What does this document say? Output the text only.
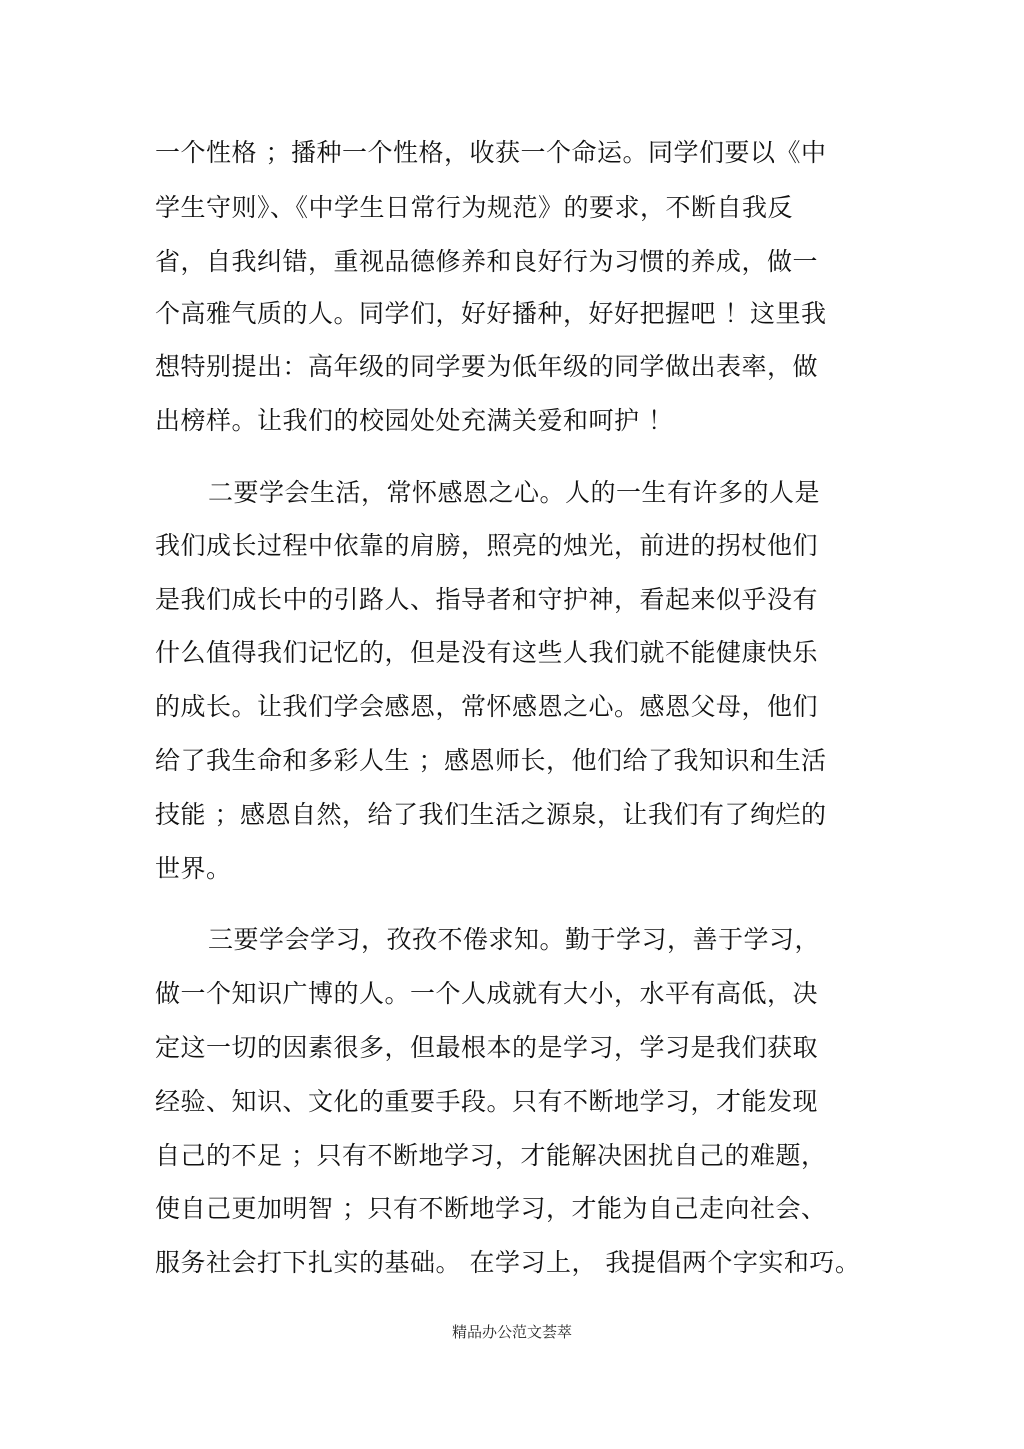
一个性格 ；播种一个性格，收获一个命运。同学们要以《中
学生守则》、《中学生日常行为规范》的要求，不断自我反
省，自我纠错，重视品德修养和良好行为习惯的养成，做一
个高雅气质的人。同学们，好好播种，好好把握吧 ！这里我
想特别提出：高年级的同学要为低年级的同学做出表率，做
出榜样。让我们的校园处处充满关爱和呵护 ！
二要学会生活，常怀感恩之心。人的一生有许多的人是
我们成长过程中依靠的肩膀，照亮的烛光，前进的拐杖他们
是我们成长中的引路人、指导者和守护神，看起来似乎没有
什么值得我们记忆的，但是没有这些人我们就不能健康快乐
的成长。让我们学会感恩，常怀感恩之心。感恩父母，他们
给了我生命和多彩人生 ；感恩师长，他们给了我知识和生活
技能 ；感恩自然，给了我们生活之源泉，让我们有了绚烂的
世界。
三要学会学习，孜孜不倦求知。勤于学习，善于学习，
做一个知识广博的人。一个人成就有大小，水平有高低，决
定这一切的因素很多，但最根本的是学习，学习是我们获取
经验、知识、文化的重要手段。只有不断地学习，才能发现
自己的不足 ；只有不断地学习，才能解决困扰自己的难题，
使自己更加明智 ；只有不断地学习，才能为自己走向社会、
服务社会打下扎实的基础。 在学习上， 我提倡两个字实和巧。
精品办公范文荟萃
